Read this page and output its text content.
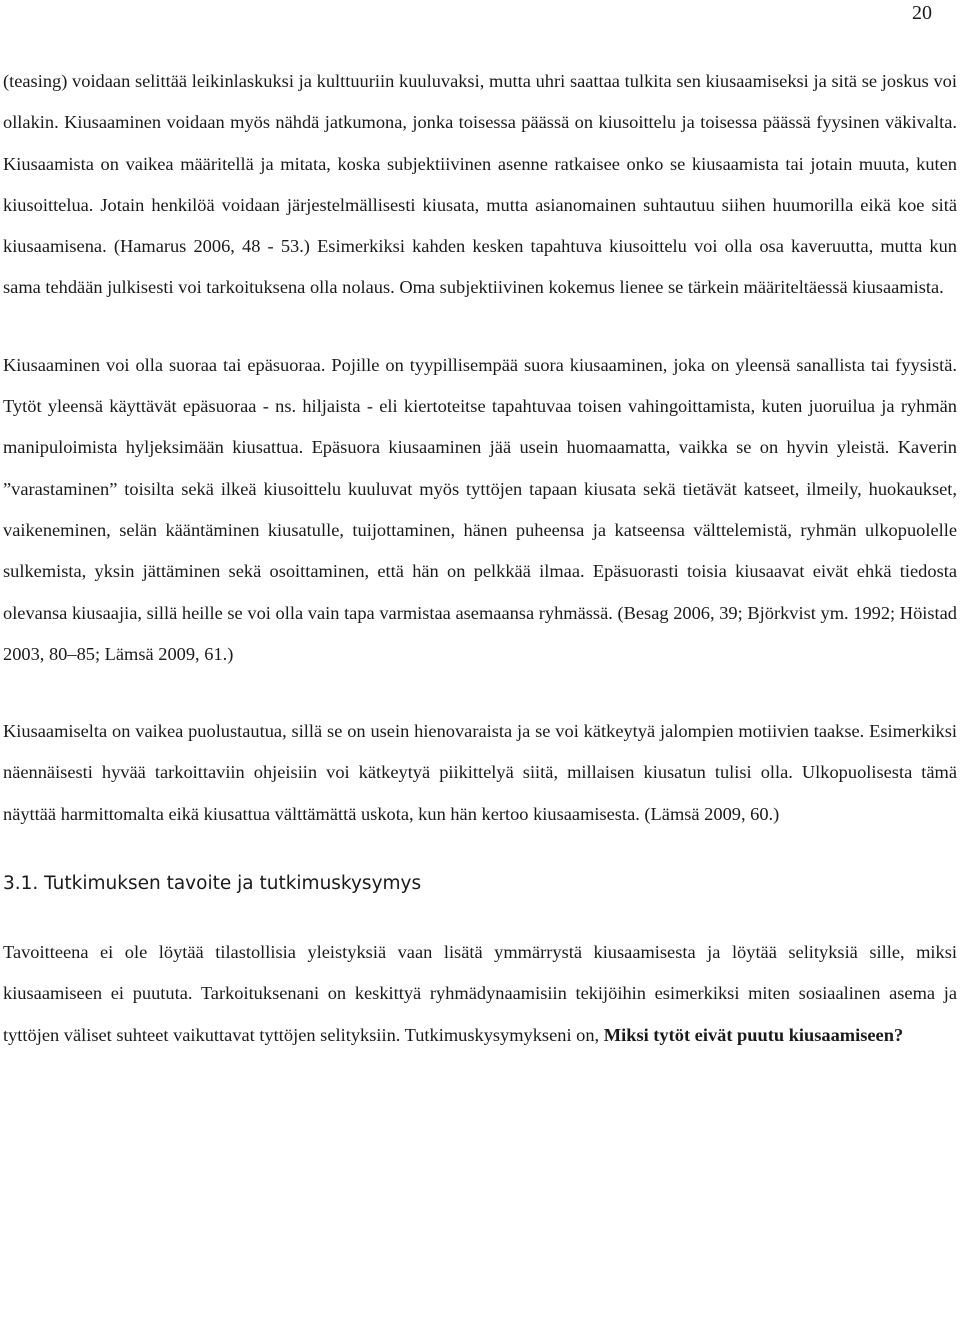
20

(teasing) voidaan selittää leikinlaskuksi ja kulttuuriin kuuluvaksi, mutta uhri saattaa tulkita sen kiusaamiseksi ja sitä se joskus voi ollakin. Kiusaaminen voidaan myös nähdä jatkumona, jonka toisessa päässä on kiusoittelu ja toisessa päässä fyysinen väkivalta. Kiusaamista on vaikea määritellä ja mitata, koska subjektiivinen asenne ratkaisee onko se kiusaamista tai jotain muuta, kuten kiusoittelua. Jotain henkilöä voidaan järjestelmällisesti kiusata, mutta asianomainen suhtautuu siihen huumorilla eikä koe sitä kiusaamisena. (Hamarus 2006, 48 - 53.) Esimerkiksi kahden kesken tapahtuva kiusoittelu voi olla osa kaveruutta, mutta kun sama tehdään julkisesti voi tarkoituksena olla nolaus. Oma subjektiivinen kokemus lienee se tärkein määriteltäessä kiusaamista.

Kiusaaminen voi olla suoraa tai epäsuoraa. Pojille on tyypillisempää suora kiusaaminen, joka on yleensä sanallista tai fyysistä. Tytöt yleensä käyttävät epäsuoraa - ns. hiljaista - eli kiertoteitse tapahtuvaa toisen vahingoittamista, kuten juoruilua ja ryhmän manipuloimista hyljeksimään kiusattua. Epäsuora kiusaaminen jää usein huomaamatta, vaikka se on hyvin yleistä. Kaverin ”varastaminen” toisilta sekä ilkeä kiusoittelu kuuluvat myös tyttöjen tapaan kiusata sekä tietävät katseet, ilmeily, huokaukset, vaikeneminen, selän kääntäminen kiusatulle, tuijottaminen, hänen puheensa ja katseensa välttelemistä, ryhmän ulkopuolelle sulkemista, yksin jättäminen sekä osoittaminen, että hän on pelkkää ilmaa. Epäsuorasti toisia kiusaavat eivät ehkä tiedosta olevansa kiusaajia, sillä heille se voi olla vain tapa varmistaa asemaansa ryhmässä. (Besag 2006, 39; Björkvist ym. 1992; Höistad 2003, 80–85; Lämsä 2009, 61.)

Kiusaamiselta on vaikea puolustautua, sillä se on usein hienovaraista ja se voi kätkeytyä jalompien motiivien taakse. Esimerkiksi näennäisesti hyvää tarkoittaviin ohjeisiin voi kätkeytyä piikittelyä siitä, millaisen kiusatun tulisi olla. Ulkopuolisesta tämä näyttää harmittomalta eikä kiusattua välttämättä uskota, kun hän kertoo kiusaamisesta. (Lämsä 2009, 60.)

3.1. Tutkimuksen tavoite ja tutkimuskysymys

Tavoitteena ei ole löytää tilastollisia yleistyksiä vaan lisätä ymmärrystä kiusaamisesta ja löytää selityksiä sille, miksi kiusaamiseen ei puututa. Tarkoituksenani on keskittyä ryhmädynaamisiin tekijöihin esimerkiksi miten sosiaalinen asema ja tyttöjen väliset suhteet vaikuttavat tyttöjen selityksiin. Tutkimuskysymykseni on, Miksi tytöt eivät puutu kiusaamiseen?
